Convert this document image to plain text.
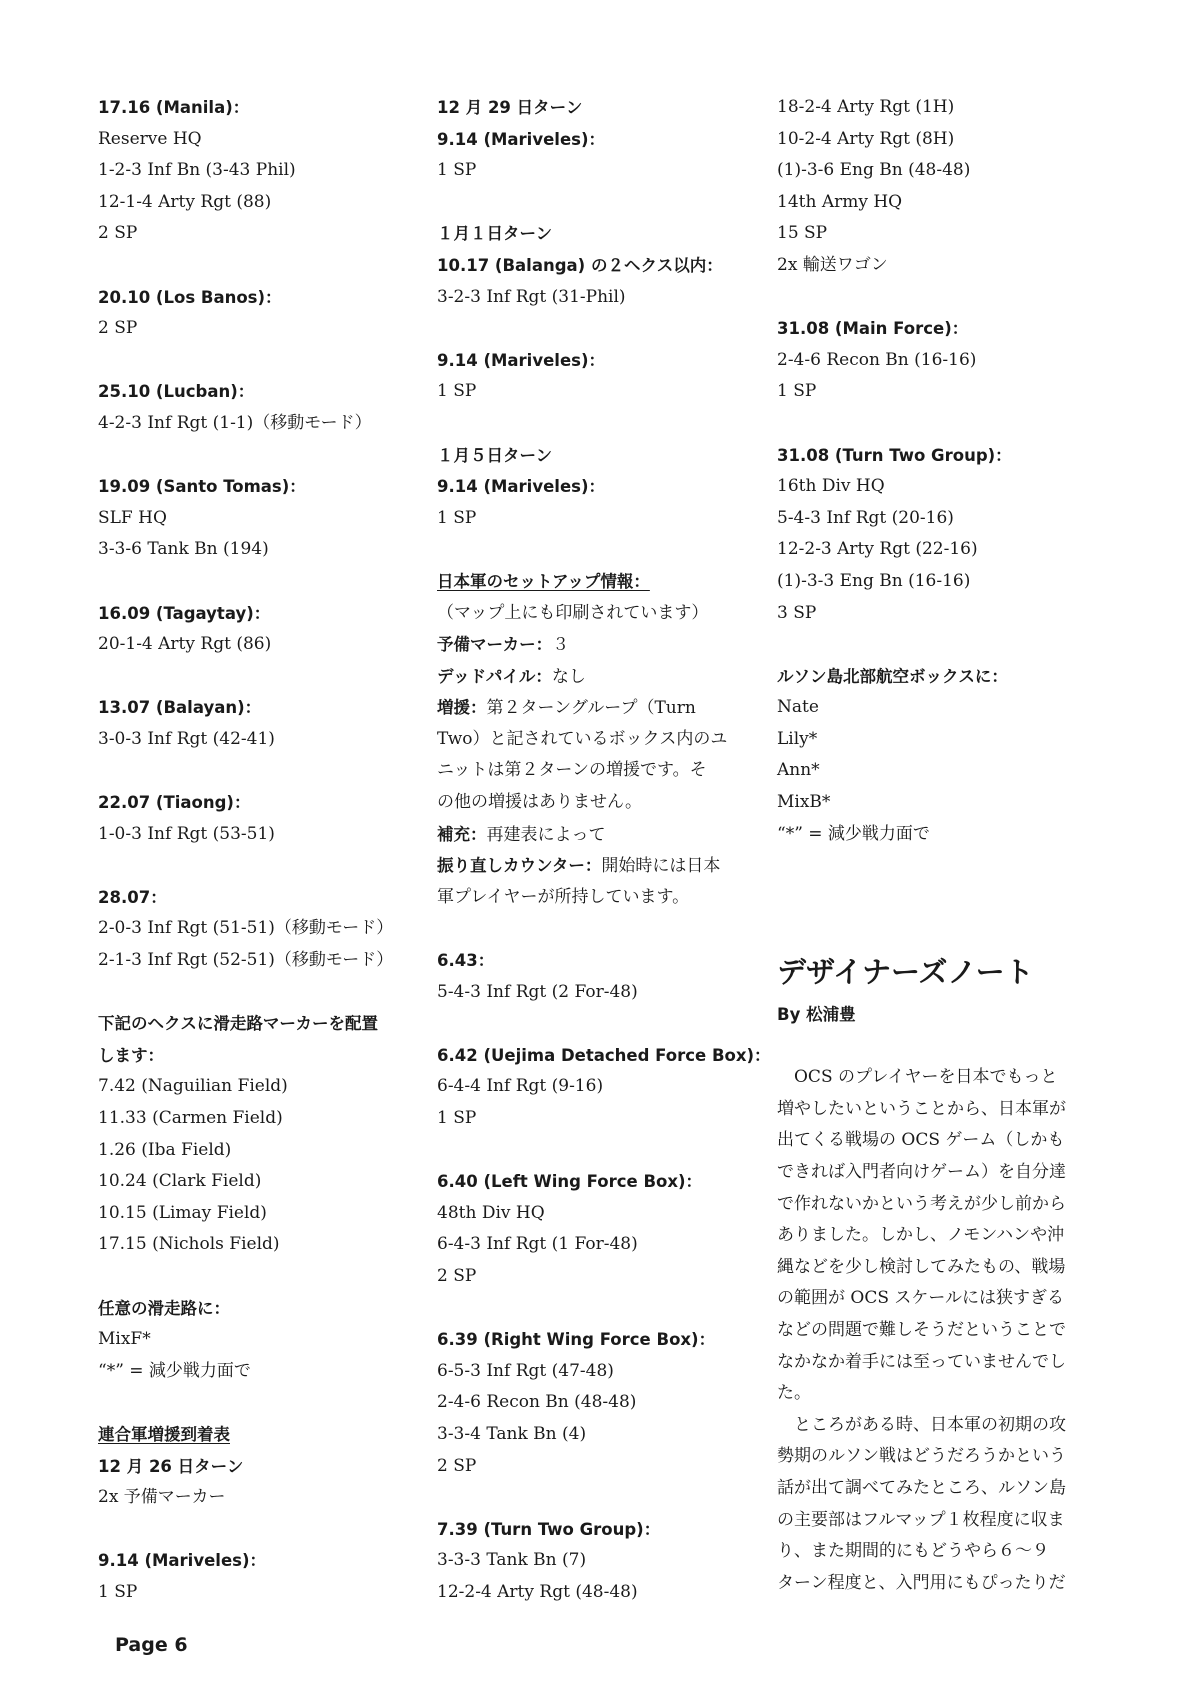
17.16 (Manila)：
Reserve HQ
1-2-3 Inf Bn (3-43 Phil)
12-1-4 Arty Rgt (88)
2 SP
20.10 (Los Banos)：
2 SP
25.10 (Lucban)：
4-2-3 Inf Rgt (1-1)（移動モード）
19.09 (Santo Tomas)：
SLF HQ
3-3-6 Tank Bn (194)
16.09 (Tagaytay)：
20-1-4 Arty Rgt (86)
13.07 (Balayan)：
3-0-3 Inf Rgt (42-41)
22.07 (Tiaong)：
1-0-3 Inf Rgt (53-51)
28.07：
2-0-3 Inf Rgt (51-51)（移動モード）
2-1-3 Inf Rgt (52-51)（移動モード）
下記のヘクスに滑走路マーカーを配置
します：
7.42 (Naguilian Field)
11.33 (Carmen Field)
1.26 (Iba Field)
10.24 (Clark Field)
10.15 (Limay Field)
17.15 (Nichols Field)
任意の滑走路に：
MixF*
“*” = 減少戦力面で
連合軍増援到着表
12 月 26 日ターン
2x 予備マーカー
9.14 (Mariveles)：
1 SP
12 月 29 日ターン
9.14 (Mariveles)：
1 SP
１月１日ターン
10.17 (Balanga) の２ヘクス以内：
3-2-3 Inf Rgt (31-Phil)
9.14 (Mariveles)：
1 SP
１月５日ターン
9.14 (Mariveles)：
1 SP
日本軍のセットアップ情報：
（マップ上にも印刷されています）
予備マーカー：３
デッドパイル：なし
増援：第２ターングループ（Turn
Two）と記されているボックス内のユ
ニットは第２ターンの増援です。そ
の他の増援はありません。
補充：再建表によって
振り直しカウンター：開始時には日本
軍プレイヤーが所持しています。
6.43：
5-4-3 Inf Rgt (2 For-48)
6.42 (Uejima Detached Force Box)：
6-4-4 Inf Rgt (9-16)
1 SP
6.40 (Left Wing Force Box)：
48th Div HQ
6-4-3 Inf Rgt (1 For-48)
2 SP
6.39 (Right Wing Force Box)：
6-5-3 Inf Rgt (47-48)
2-4-6 Recon Bn (48-48)
3-3-4 Tank Bn (4)
2 SP
7.39 (Turn Two Group)：
3-3-3 Tank Bn (7)
12-2-4 Arty Rgt (48-48)
18-2-4 Arty Rgt (1H)
10-2-4 Arty Rgt (8H)
(1)-3-6 Eng Bn (48-48)
14th Army HQ
15 SP
2x 輸送ワゴン
31.08 (Main Force)：
2-4-6 Recon Bn (16-16)
1 SP
31.08 (Turn Two Group)：
16th Div HQ
5-4-3 Inf Rgt (20-16)
12-2-3 Arty Rgt (22-16)
(1)-3-3 Eng Bn (16-16)
3 SP
ルソン島北部航空ボックスに：
Nate
Lily*
Ann*
MixB*
“*” = 減少戦力面で
デザイナーズノート
By 松浦豊
　OCS のプレイヤーを日本でもっと
増やしたいということから、日本軍が
出てくる戦場の OCS ゲーム（しかも
できれば入門者向けゲーム）を自分達
で作れないかという考えが少し前から
ありました。しかし、ノモンハンや沖
縄などを少し検討してみたもの、戦場
の範囲が OCS スケールには狭すぎる
などの問題で難しそうだということで
なかなか着手には至っていませんでし
た。
　ところがある時、日本軍の初期の攻
勢期のルソン戦はどうだろうかという
話が出て調べてみたところ、ルソン島
の主要部はフルマップ１枚程度に収ま
り、また期間的にもどうやら６～９
ターン程度と、入門用にもぴったりだ
Page 6
